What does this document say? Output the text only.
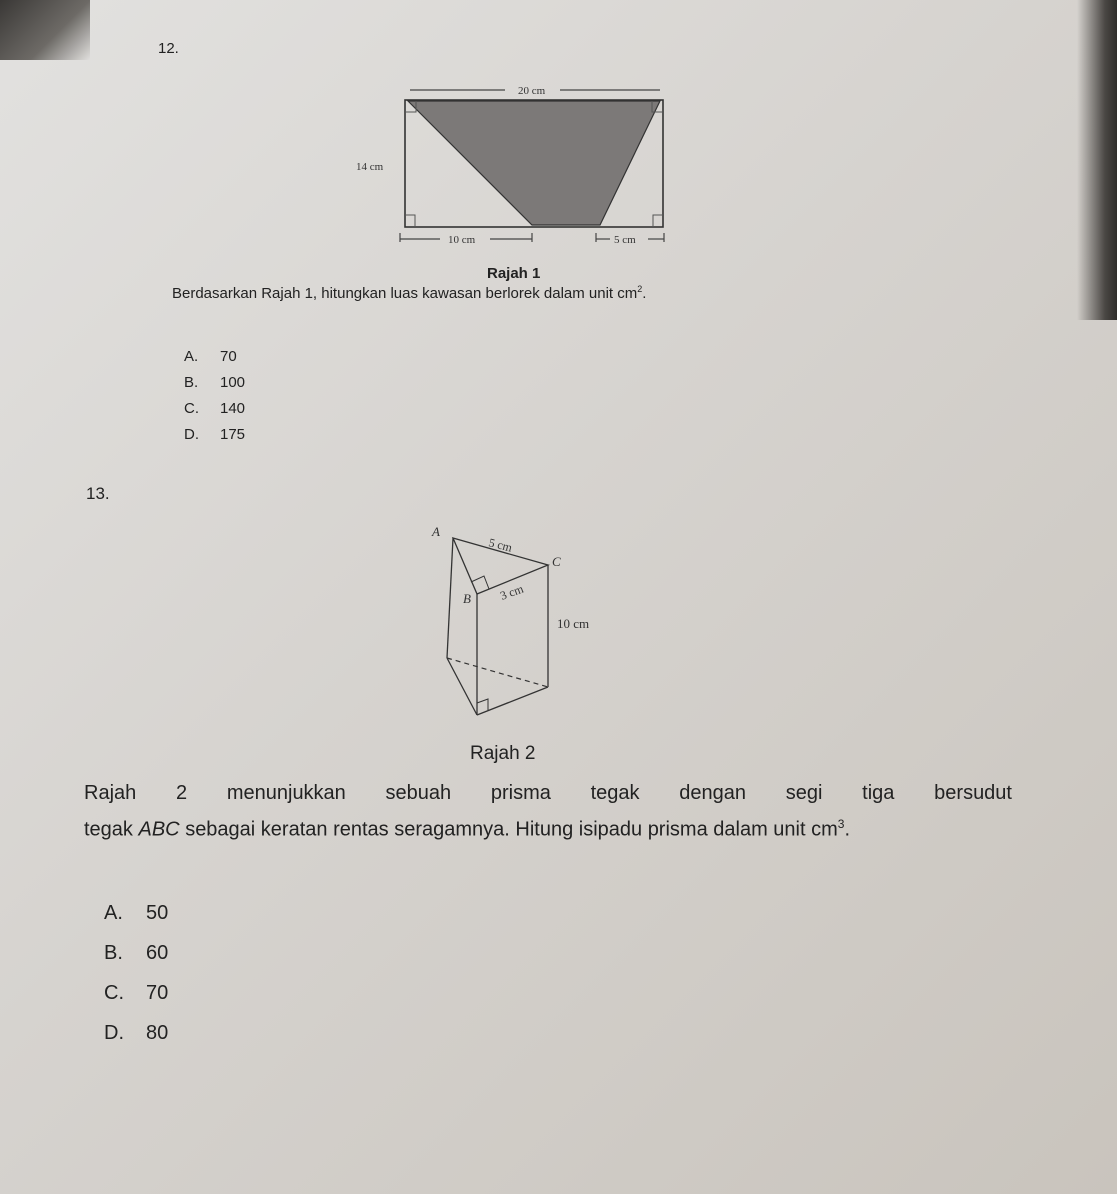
12.
20 cm
14 cm
10 cm	5 cm
Rajah 1
Berdasarkan Rajah 1, hitungkan luas kawasan berlorek dalam unit $cm^2$.
A.	70
B.	100
C.	140
D.	175
13.
A
B
C
5 cm
3 cm
10 cm
Rajah 2
Rajah 2 menunjukkan sebuah prisma tegak dengan segi tiga bersudut
tegak ABC sebagai keratan rentas seragamnya. Hitung isipadu prisma dalam unit $cm^3$.
A.	50
B.	60
C.	70
D.	80
